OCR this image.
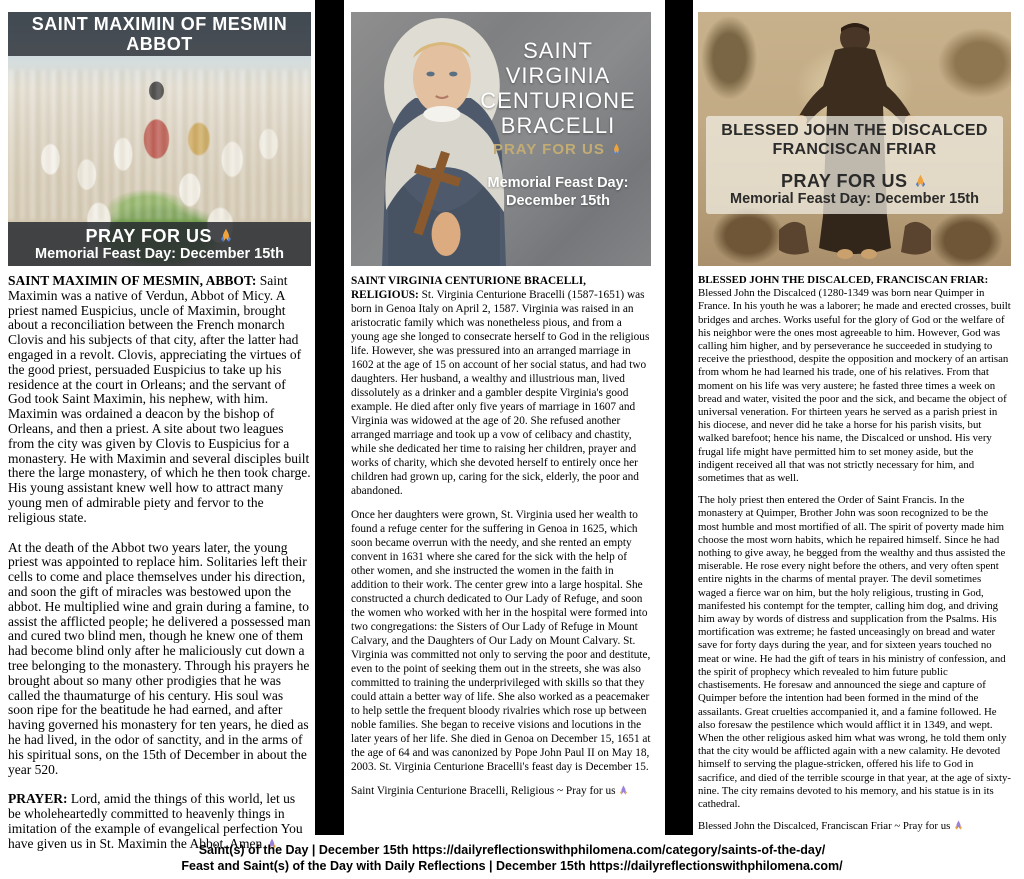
SAINT MAXIMIN OF MESMIN
ABBOT
PRAY FOR US
Memorial Feast Day: December 15th

SAINT MAXIMIN OF MESMIN, ABBOT: Saint Maximin was a native of Verdun, Abbot of Micy. A priest named Euspicius, uncle of Maximin, brought about a reconciliation between the French monarch Clovis and his subjects of that city, after the latter had engaged in a revolt. Clovis, appreciating the virtues of the good priest, persuaded Euspicius to take up his residence at the court in Orleans; and the servant of God took Saint Maximin, his nephew, with him. Maximin was ordained a deacon by the bishop of Orleans, and then a priest. A site about two leagues from the city was given by Clovis to Euspicius for a monastery. He with Maximin and several disciples built there the large monastery, of which he then took charge. His young assistant knew well how to attract many young men of admirable piety and fervor to the religious state.

At the death of the Abbot two years later, the young priest was appointed to replace him. Solitaries left their cells to come and place themselves under his direction, and soon the gift of miracles was bestowed upon the abbot. He multiplied wine and grain during a famine, to assist the afflicted people; he delivered a possessed man and cured two blind men, though he knew one of them had become blind only after he maliciously cut down a tree belonging to the monastery. Through his prayers he brought about so many other prodigies that he was called the thaumaturge of his century. His soul was soon ripe for the beatitude he had earned, and after having governed his monastery for ten years, he died as he had lived, in the odor of sanctity, and in the arms of his spiritual sons, on the 15th of December in about the year 520.

PRAYER: Lord, amid the things of this world, let us be wholeheartedly committed to heavenly things in imitation of the example of evangelical perfection You have given us in St. Maximin the Abbot. Amen

SAINT
VIRGINIA
CENTURIONE
BRACELLI
PRAY FOR US
Memorial Feast Day:
December 15th

SAINT VIRGINIA CENTURIONE BRACELLI, RELIGIOUS: St. Virginia Centurione Bracelli (1587-1651) was born in Genoa Italy on April 2, 1587. Virginia was raised in an aristocratic family which was nonetheless pious, and from a young age she longed to consecrate herself to God in the religious life. However, she was pressured into an arranged marriage in 1602 at the age of 15 on account of her social status, and had two daughters. Her husband, a wealthy and illustrious man, lived dissolutely as a drinker and a gambler despite Virginia's good example. He died after only five years of marriage in 1607 and Virginia was widowed at the age of 20. She refused another arranged marriage and took up a vow of celibacy and chastity, while she dedicated her time to raising her children, prayer and works of charity, which she devoted herself to entirely once her children had grown up, caring for the sick, elderly, the poor and abandoned.

Once her daughters were grown, St. Virginia used her wealth to found a refuge center for the suffering in Genoa in 1625, which soon became overrun with the needy, and she rented an empty convent in 1631 where she cared for the sick with the help of other women, and she instructed the women in the faith in addition to their work. The center grew into a large hospital. She constructed a church dedicated to Our Lady of Refuge, and soon the women who worked with her in the hospital were formed into two congregations: the Sisters of Our Lady of Refuge in Mount Calvary, and the Daughters of Our Lady on Mount Calvary. St. Virginia was committed not only to serving the poor and destitute, even to the point of seeking them out in the streets, she was also committed to training the underprivileged with skills so that they could attain a better way of life. She also worked as a peacemaker to help settle the frequent bloody rivalries which rose up between noble families. She began to receive visions and locutions in the later years of her life. She died in Genoa on December 15, 1651 at the age of 64 and was canonized by Pope John Paul II on May 18, 2003. St. Virginia Centurione Bracelli's feast day is December 15.

Saint Virginia Centurione Bracelli, Religious ~ Pray for us

BLESSED JOHN THE DISCALCED
FRANCISCAN FRIAR
PRAY FOR US
Memorial Feast Day: December 15th

BLESSED JOHN THE DISCALCED, FRANCISCAN FRIAR: Blessed John the Discalced (1280-1349 was born near Quimper in France. In his youth he was a laborer; he made and erected crosses, built bridges and arches. Works useful for the glory of God or the welfare of his neighbor were the ones most agreeable to him. However, God was calling him higher, and by perseverance he succeeded in studying to receive the priesthood, despite the opposition and mockery of an artisan from whom he had learned his trade, one of his relatives. From that moment on his life was very austere; he fasted three times a week on bread and water, visited the poor and the sick, and became the object of universal veneration. For thirteen years he served as a parish priest in his diocese, and never did he take a horse for his parish visits, but walked barefoot; hence his name, the Discalced or unshod. His very frugal life might have permitted him to set money aside, but the indigent received all that was not strictly necessary for him, and sometimes that as well.

The holy priest then entered the Order of Saint Francis. In the monastery at Quimper, Brother John was soon recognized to be the most humble and most mortified of all. The spirit of poverty made him choose the most worn habits, which he repaired himself. Since he had nothing to give away, he begged from the wealthy and thus assisted the miserable. He rose every night before the others, and very often spent entire nights in the charms of mental prayer. The devil sometimes waged a fierce war on him, but the holy religious, trusting in God, manifested his contempt for the tempter, calling him dog, and driving him away by words of distress and supplication from the Psalms. His mortification was extreme; he fasted unceasingly on bread and water save for forty days during the year, and for sixteen years touched no meat or wine. He had the gift of tears in his ministry of confession, and the spirit of prophecy which revealed to him future public chastisements. He foresaw and announced the siege and capture of Quimper before the intention had been formed in the mind of the assailants. Great cruelties accompanied it, and a famine followed. He also foresaw the pestilence which would afflict it in 1349, and wept. When the other religious asked him what was wrong, he told them only that the city would be afflicted again with a new calamity. He devoted himself to serving the plague-stricken, offered his life to God in sacrifice, and died of the terrible scourge in that year, at the age of sixty-nine. The city remains devoted to his memory, and his statue is in its cathedral.

Blessed John the Discalced, Franciscan Friar ~ Pray for us

Saint(s) of the Day | December 15th https://dailyreflectionswithphilomena.com/category/saints-of-the-day/
Feast and Saint(s) of the Day with Daily Reflections | December 15th https://dailyreflectionswithphilomena.com/
